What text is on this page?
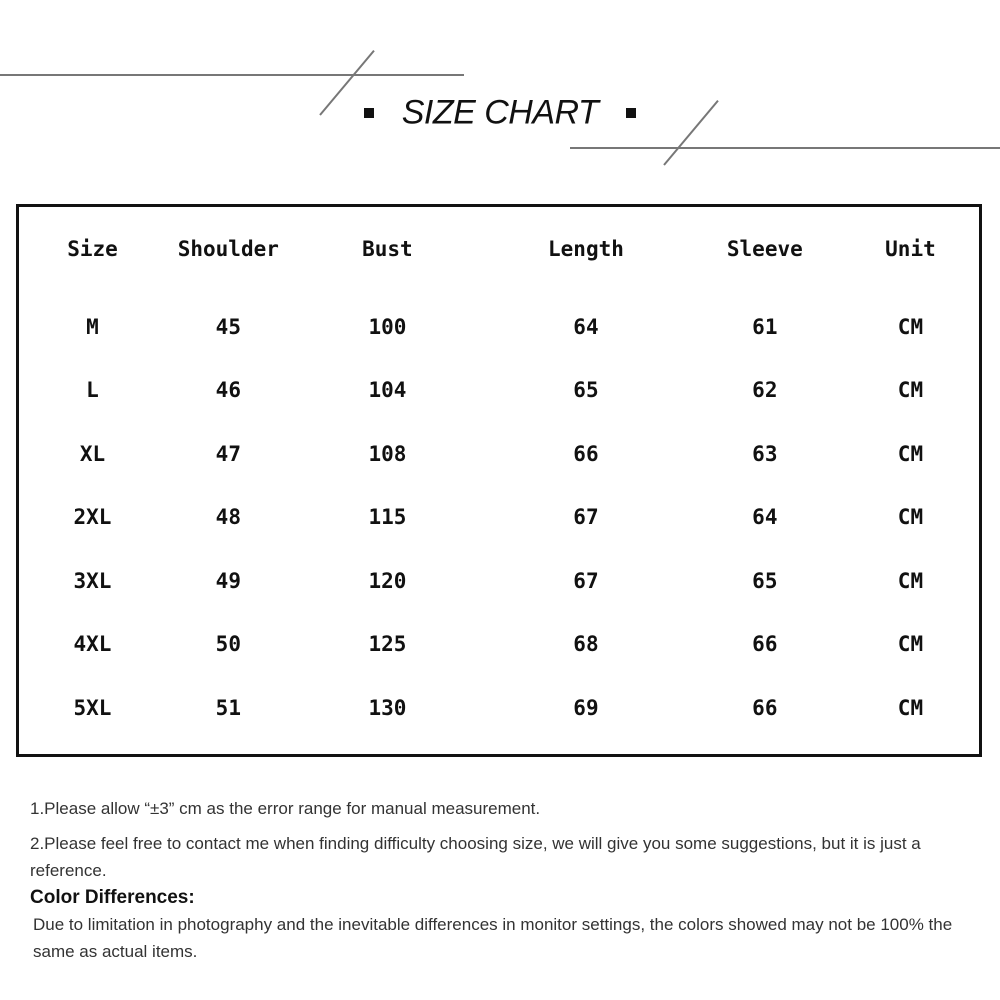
SIZE CHART
Size	Shoulder	Bust	Length	Sleeve	Unit
M	45	100	64	61	CM
L	46	104	65	62	CM
XL	47	108	66	63	CM
2XL	48	115	67	64	CM
3XL	49	120	67	65	CM
4XL	50	125	68	66	CM
5XL	51	130	69	66	CM

1.Please allow “±3” cm as the error range for manual measurement.

2.Please feel free to contact me when finding difficulty choosing size, we will give you some suggestions, but it is just a reference.

Color Differences:

Due to limitation in photography and the inevitable differences in monitor settings, the colors showed may not be 100% the same as actual items.
